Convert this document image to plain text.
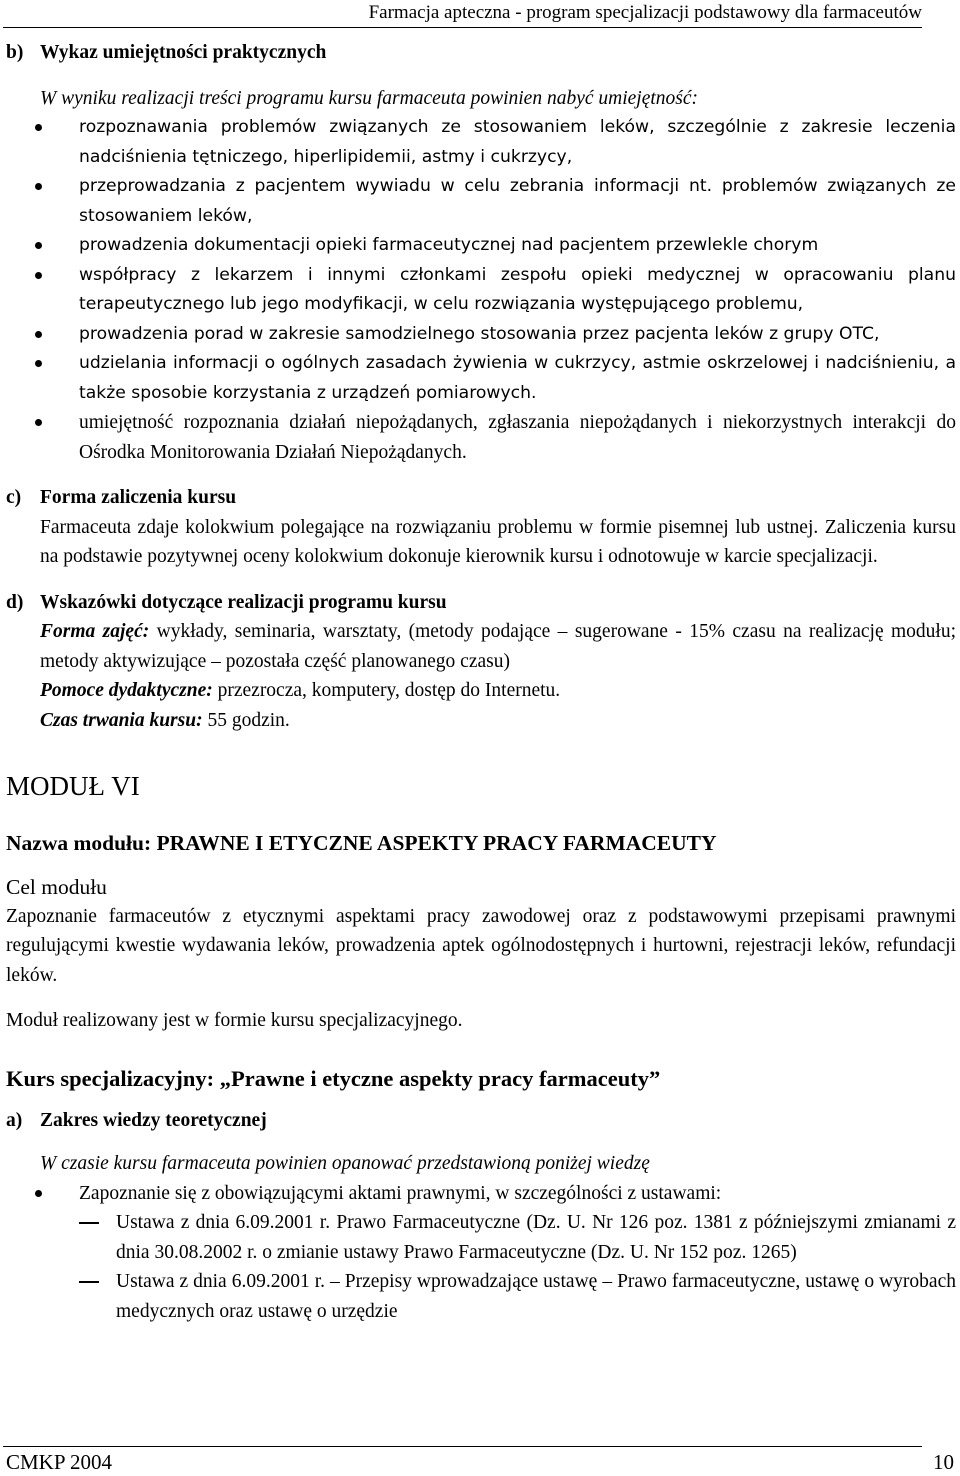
Farmacja apteczna - program specjalizacji podstawowy dla farmaceutów
b) Wykaz umiejętności praktycznych
W wyniku realizacji treści programu kursu farmaceuta powinien nabyć umiejętność:
rozpoznawania problemów związanych ze stosowaniem leków, szczególnie z zakresie leczenia nadciśnienia tętniczego, hiperlipidemii, astmy i cukrzycy,
przeprowadzania z pacjentem wywiadu w celu zebrania informacji nt. problemów związanych ze stosowaniem leków,
prowadzenia dokumentacji opieki farmaceutycznej nad pacjentem przewlekle chorym
współpracy z lekarzem i innymi członkami zespołu opieki medycznej w opracowaniu planu terapeutycznego lub jego modyfikacji, w celu rozwiązania występującego problemu,
prowadzenia porad w zakresie samodzielnego stosowania przez pacjenta leków z grupy OTC,
udzielania informacji o ogólnych zasadach żywienia w cukrzycy, astmie oskrzelowej i nadciśnieniu, a także sposobie korzystania z urządzeń pomiarowych.
umiejętność rozpoznania działań niepożądanych, zgłaszania niepożądanych i niekorzystnych interakcji do Ośrodka Monitorowania Działań Niepożądanych.
c) Forma zaliczenia kursu
Farmaceuta zdaje kolokwium polegające na rozwiązaniu problemu w formie pisemnej lub ustnej. Zaliczenia kursu na podstawie pozytywnej oceny kolokwium dokonuje kierownik kursu i odnotowuje w karcie specjalizacji.
d) Wskazówki dotyczące realizacji programu kursu
Forma zajęć: wykłady, seminaria, warsztaty, (metody podające – sugerowane - 15% czasu na realizację modułu; metody aktywizujące – pozostała część planowanego czasu)
Pomoce dydaktyczne: przezrocza, komputery, dostęp do Internetu.
Czas trwania kursu: 55 godzin.
MODUŁ VI
Nazwa modułu: PRAWNE I ETYCZNE ASPEKTY PRACY FARMACEUTY
Cel modułu
Zapoznanie farmaceutów z etycznymi aspektami pracy zawodowej oraz z podstawowymi przepisami prawnymi regulującymi kwestie wydawania leków, prowadzenia aptek ogólnodostępnych i hurtowni, rejestracji leków, refundacji leków.
Moduł realizowany jest w formie kursu specjalizacyjnego.
Kurs specjalizacyjny: „Prawne i etyczne aspekty pracy farmaceuty”
a) Zakres wiedzy teoretycznej
W czasie kursu farmaceuta powinien opanować przedstawioną poniżej wiedzę
Zapoznanie się z obowiązującymi aktami prawnymi, w szczególności z ustawami:
Ustawa z dnia 6.09.2001 r. Prawo Farmaceutyczne (Dz. U. Nr 126 poz. 1381 z późniejszymi zmianami z dnia 30.08.2002 r. o zmianie ustawy Prawo Farmaceutyczne (Dz. U. Nr 152 poz. 1265)
Ustawa z dnia 6.09.2001 r. – Przepisy wprowadzające ustawę – Prawo farmaceutyczne, ustawę o wyrobach medycznych oraz ustawę o urzędzie
CMKP 2004	10
